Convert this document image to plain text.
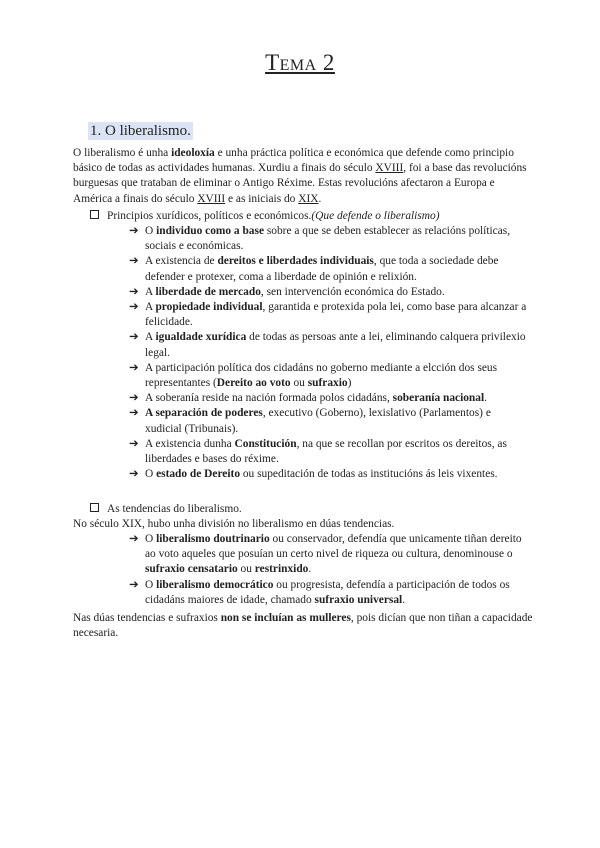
Tema 2
1. O liberalismo.
O liberalismo é unha ideoloxía e unha práctica política e económica que defende como principio básico de todas as actividades humanas. Xurdiu a finais do século XVIII, foi a base das revolucións burguesas que trataban de eliminar o Antigo Réxime. Estas revolucións afectaron a Europa e América a finais do século XVIII e as iniciais do XIX.
Principios xurídicos, políticos e económicos.(Que defende o liberalismo)
➔ O individuo como a base sobre a que se deben establecer as relacións políticas, sociais e económicas.
➔ A existencia de dereitos e liberdades individuais, que toda a sociedade debe defender e protexer, coma a liberdade de opinión e relixión.
➔ A liberdade de mercado, sen intervención económica do Estado.
➔ A propiedade individual, garantida e protexida pola lei, como base para alcanzar a felicidade.
➔ A igualdade xurídica de todas as persoas ante a lei, eliminando calquera privilexio legal.
➔ A participación política dos cidadáns no goberno mediante a elcción dos seus representantes (Dereito ao voto ou sufraxio)
➔ A soberanía reside na nación formada polos cidadáns, soberanía nacional.
➔ A separación de poderes, executivo (Goberno), lexislativo (Parlamentos) e xudicial (Tribunais).
➔ A existencia dunha Constitución, na que se recollan por escritos os dereitos, as liberdades e bases do réxime.
➔ O estado de Dereito ou supeditación de todas as institucións ás leis vixentes.
As tendencias do liberalismo.
No século XIX, hubo unha división no liberalismo en dúas tendencias.
➔ O liberalismo doutrinario ou conservador, defendía que unicamente tiñan dereito ao voto aqueles que posuían un certo nivel de riqueza ou cultura, denominouse o sufraxio censatario ou restrinxido.
➔ O liberalismo democrático ou progresista, defendía a participación de todos os cidadáns maiores de idade, chamado sufraxio universal.
Nas dúas tendencias e sufraxios non se incluían as mulleres, pois dicían que non tiñan a capacidade necesaria.
